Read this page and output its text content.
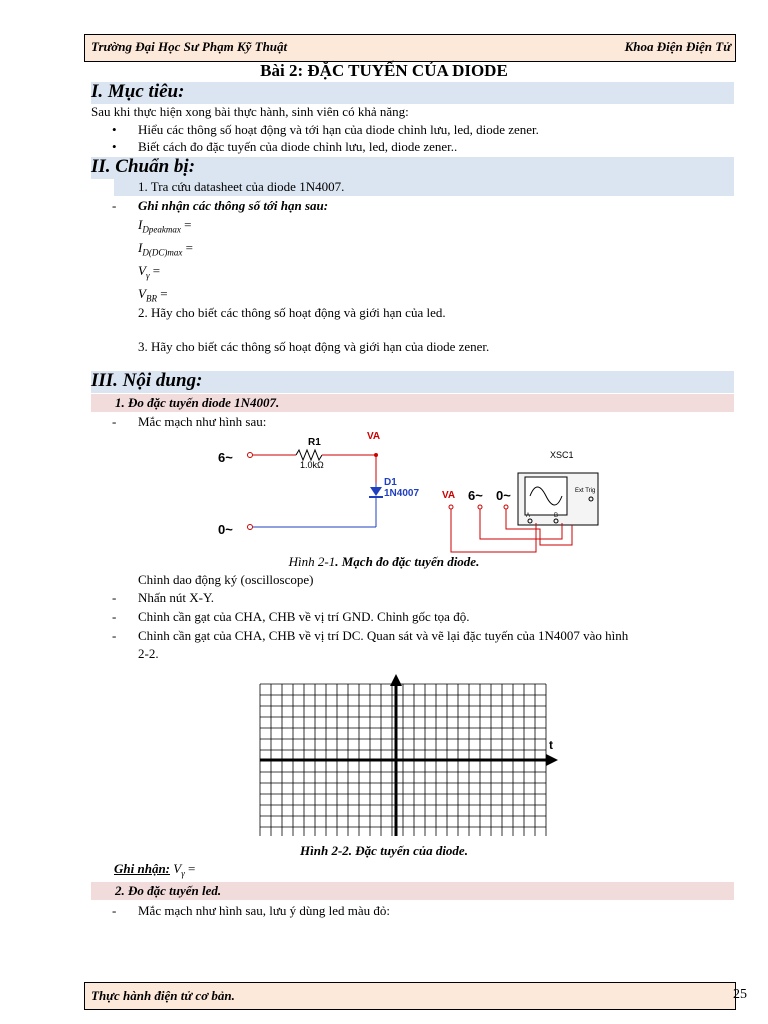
Trường Đại Học Sư Phạm Kỹ Thuật	Khoa Điện Điện Tử
Bài 2: ĐẶC TUYẾN CỦA DIODE
I. Mục tiêu:
Sau khi thực hiện xong bài thực hành, sinh viên có khả năng:
• Hiểu các thông số hoạt động và tới hạn của diode chỉnh lưu, led, diode zener.
• Biết cách đo đặc tuyến của diode chỉnh lưu, led, diode zener..
II. Chuẩn bị:
1. Tra cứu datasheet của diode 1N4007.
- Ghi nhận các thông số tới hạn sau:
$I_{Dpeakmax}$ =
$I_{D(DC)max}$ =
$V_\gamma$ =
$V_{BR}$ =
2. Hãy cho biết các thông số hoạt động và giới hạn của led.
3. Hãy cho biết các thông số hoạt động và giới hạn của diode zener.
III. Nội dung:
1. Đo đặc tuyến diode 1N4007.
- Mắc mạch như hình sau:
6~
0~
R1
1.0kΩ
VA
D1
1N4007
XSC1
Ext Trig
A	B
VA 6~ 0~
Hình 2-1. Mạch đo đặc tuyến diode.
Chỉnh dao động ký (oscilloscope)
- Nhấn nút X-Y.
- Chỉnh cần gạt của CHA, CHB về vị trí GND. Chỉnh gốc tọa độ.
- Chỉnh cần gạt của CHA, CHB về vị trí DC. Quan sát và vẽ lại đặc tuyến của 1N4007 vào hình
2-2.
t
Hình 2-2. Đặc tuyến của diode.
Ghi nhận: $V_\gamma$ =
2. Đo đặc tuyến led.
- Mắc mạch như hình sau, lưu ý dùng led màu đỏ:
Thực hành điện tử cơ bản.	25
